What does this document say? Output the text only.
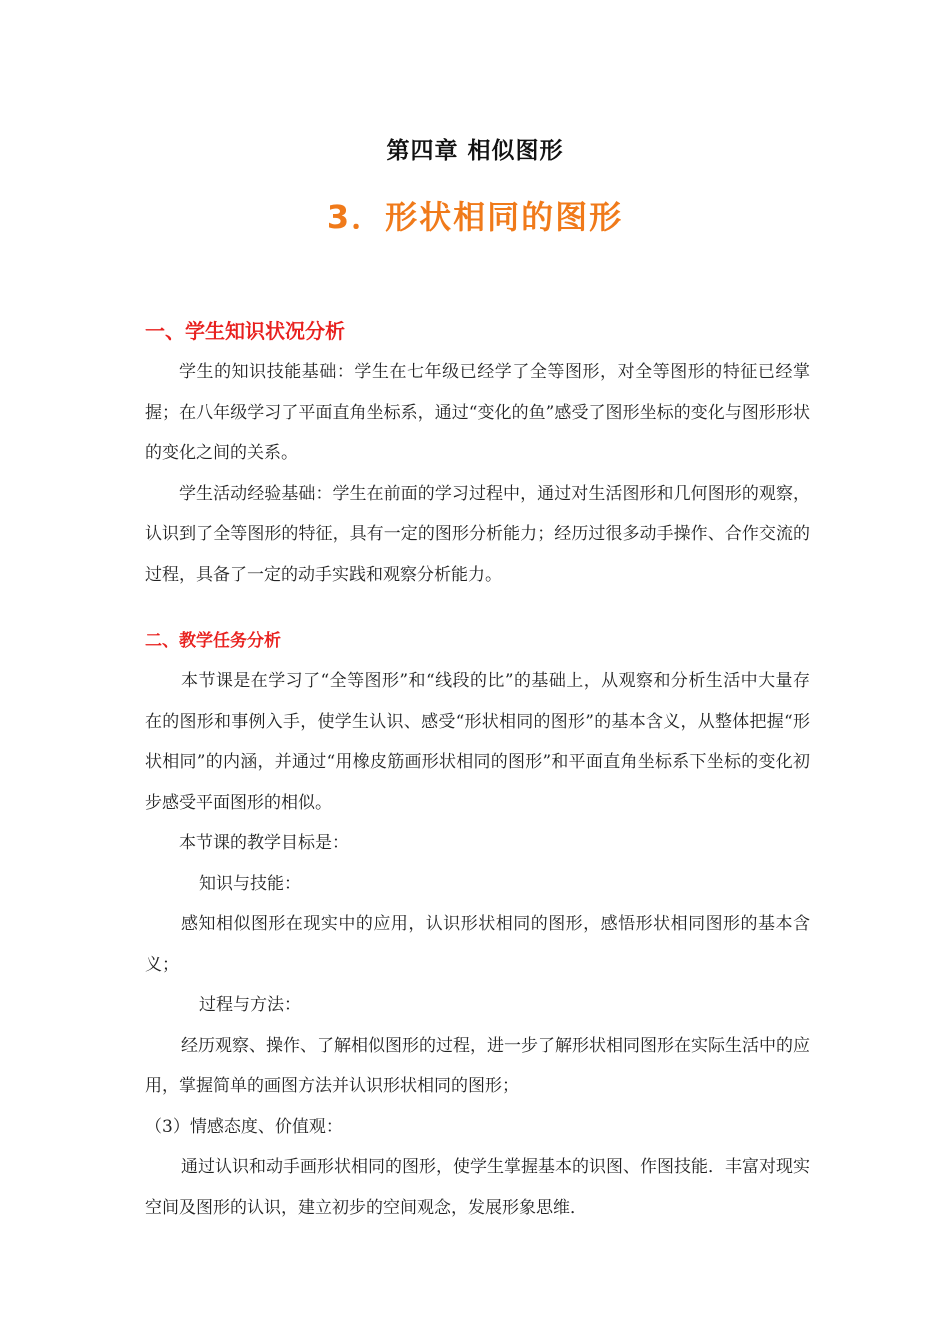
第四章 相似图形
3．形状相同的图形
一、学生知识状况分析

学生的知识技能基础：学生在七年级已经学了全等图形，对全等图形的特征已经掌握；在八年级学习了平面直角坐标系，通过“变化的鱼”感受了图形坐标的变化与图形形状的变化之间的关系。

学生活动经验基础：学生在前面的学习过程中，通过对生活图形和几何图形的观察，认识到了全等图形的特征，具有一定的图形分析能力；经历过很多动手操作、合作交流的过程，具备了一定的动手实践和观察分析能力。

二、教学任务分析

本节课是在学习了“全等图形”和“线段的比”的基础上，从观察和分析生活中大量存在的图形和事例入手，使学生认识、感受“形状相同的图形”的基本含义，从整体把握“形状相同”的内涵，并通过“用橡皮筋画形状相同的图形”和平面直角坐标系下坐标的变化初步感受平面图形的相似。

本节课的教学目标是：

知识与技能：

感知相似图形在现实中的应用，认识形状相同的图形，感悟形状相同图形的基本含义；

过程与方法：

经历观察、操作、了解相似图形的过程，进一步了解形状相同图形在实际生活中的应用，掌握简单的画图方法并认识形状相同的图形；

（3）情感态度、价值观：

通过认识和动手画形状相同的图形，使学生掌握基本的识图、作图技能．丰富对现实空间及图形的认识，建立初步的空间观念，发展形象思维．
